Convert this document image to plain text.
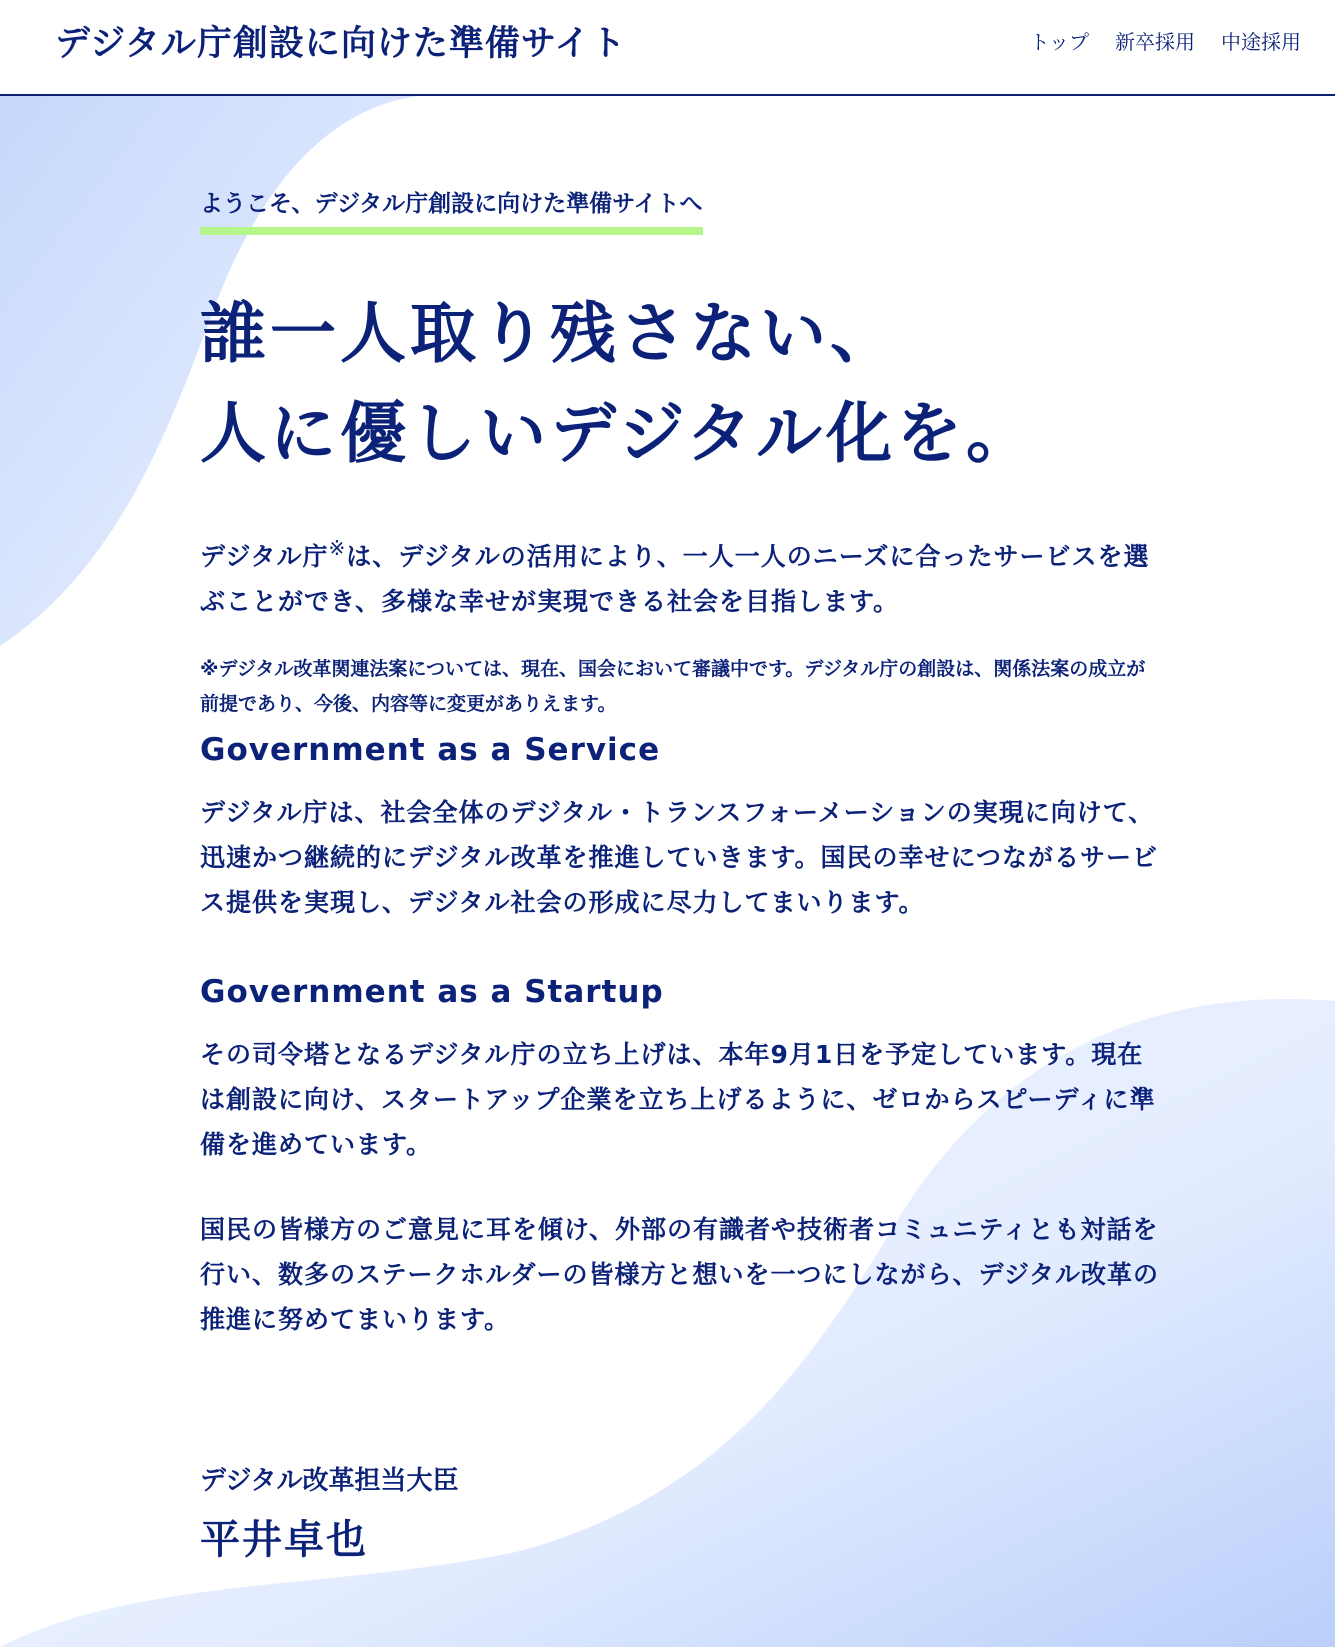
デジタル庁創設に向けた準備サイト	トップ 新卒採用 中途採用

ようこそ、デジタル庁創設に向けた準備サイトへ

誰一人取り残さない、
人に優しいデジタル化を。

デジタル庁※は、デジタルの活用により、一人一人のニーズに合ったサービスを選ぶことができ、多様な幸せが実現できる社会を目指します。

※デジタル改革関連法案については、現在、国会において審議中です。デジタル庁の創設は、関係法案の成立が前提であり、今後、内容等に変更がありえます。

Government as a Service

デジタル庁は、社会全体のデジタル・トランスフォーメーションの実現に向けて、迅速かつ継続的にデジタル改革を推進していきます。国民の幸せにつながるサービス提供を実現し、デジタル社会の形成に尽力してまいります。

Government as a Startup

その司令塔となるデジタル庁の立ち上げは、本年9月1日を予定しています。現在は創設に向け、スタートアップ企業を立ち上げるように、ゼロからスピーディに準備を進めています。

国民の皆様方のご意見に耳を傾け、外部の有識者や技術者コミュニティとも対話を行い、数多のステークホルダーの皆様方と想いを一つにしながら、デジタル改革の推進に努めてまいります。

デジタル改革担当大臣

平井卓也
